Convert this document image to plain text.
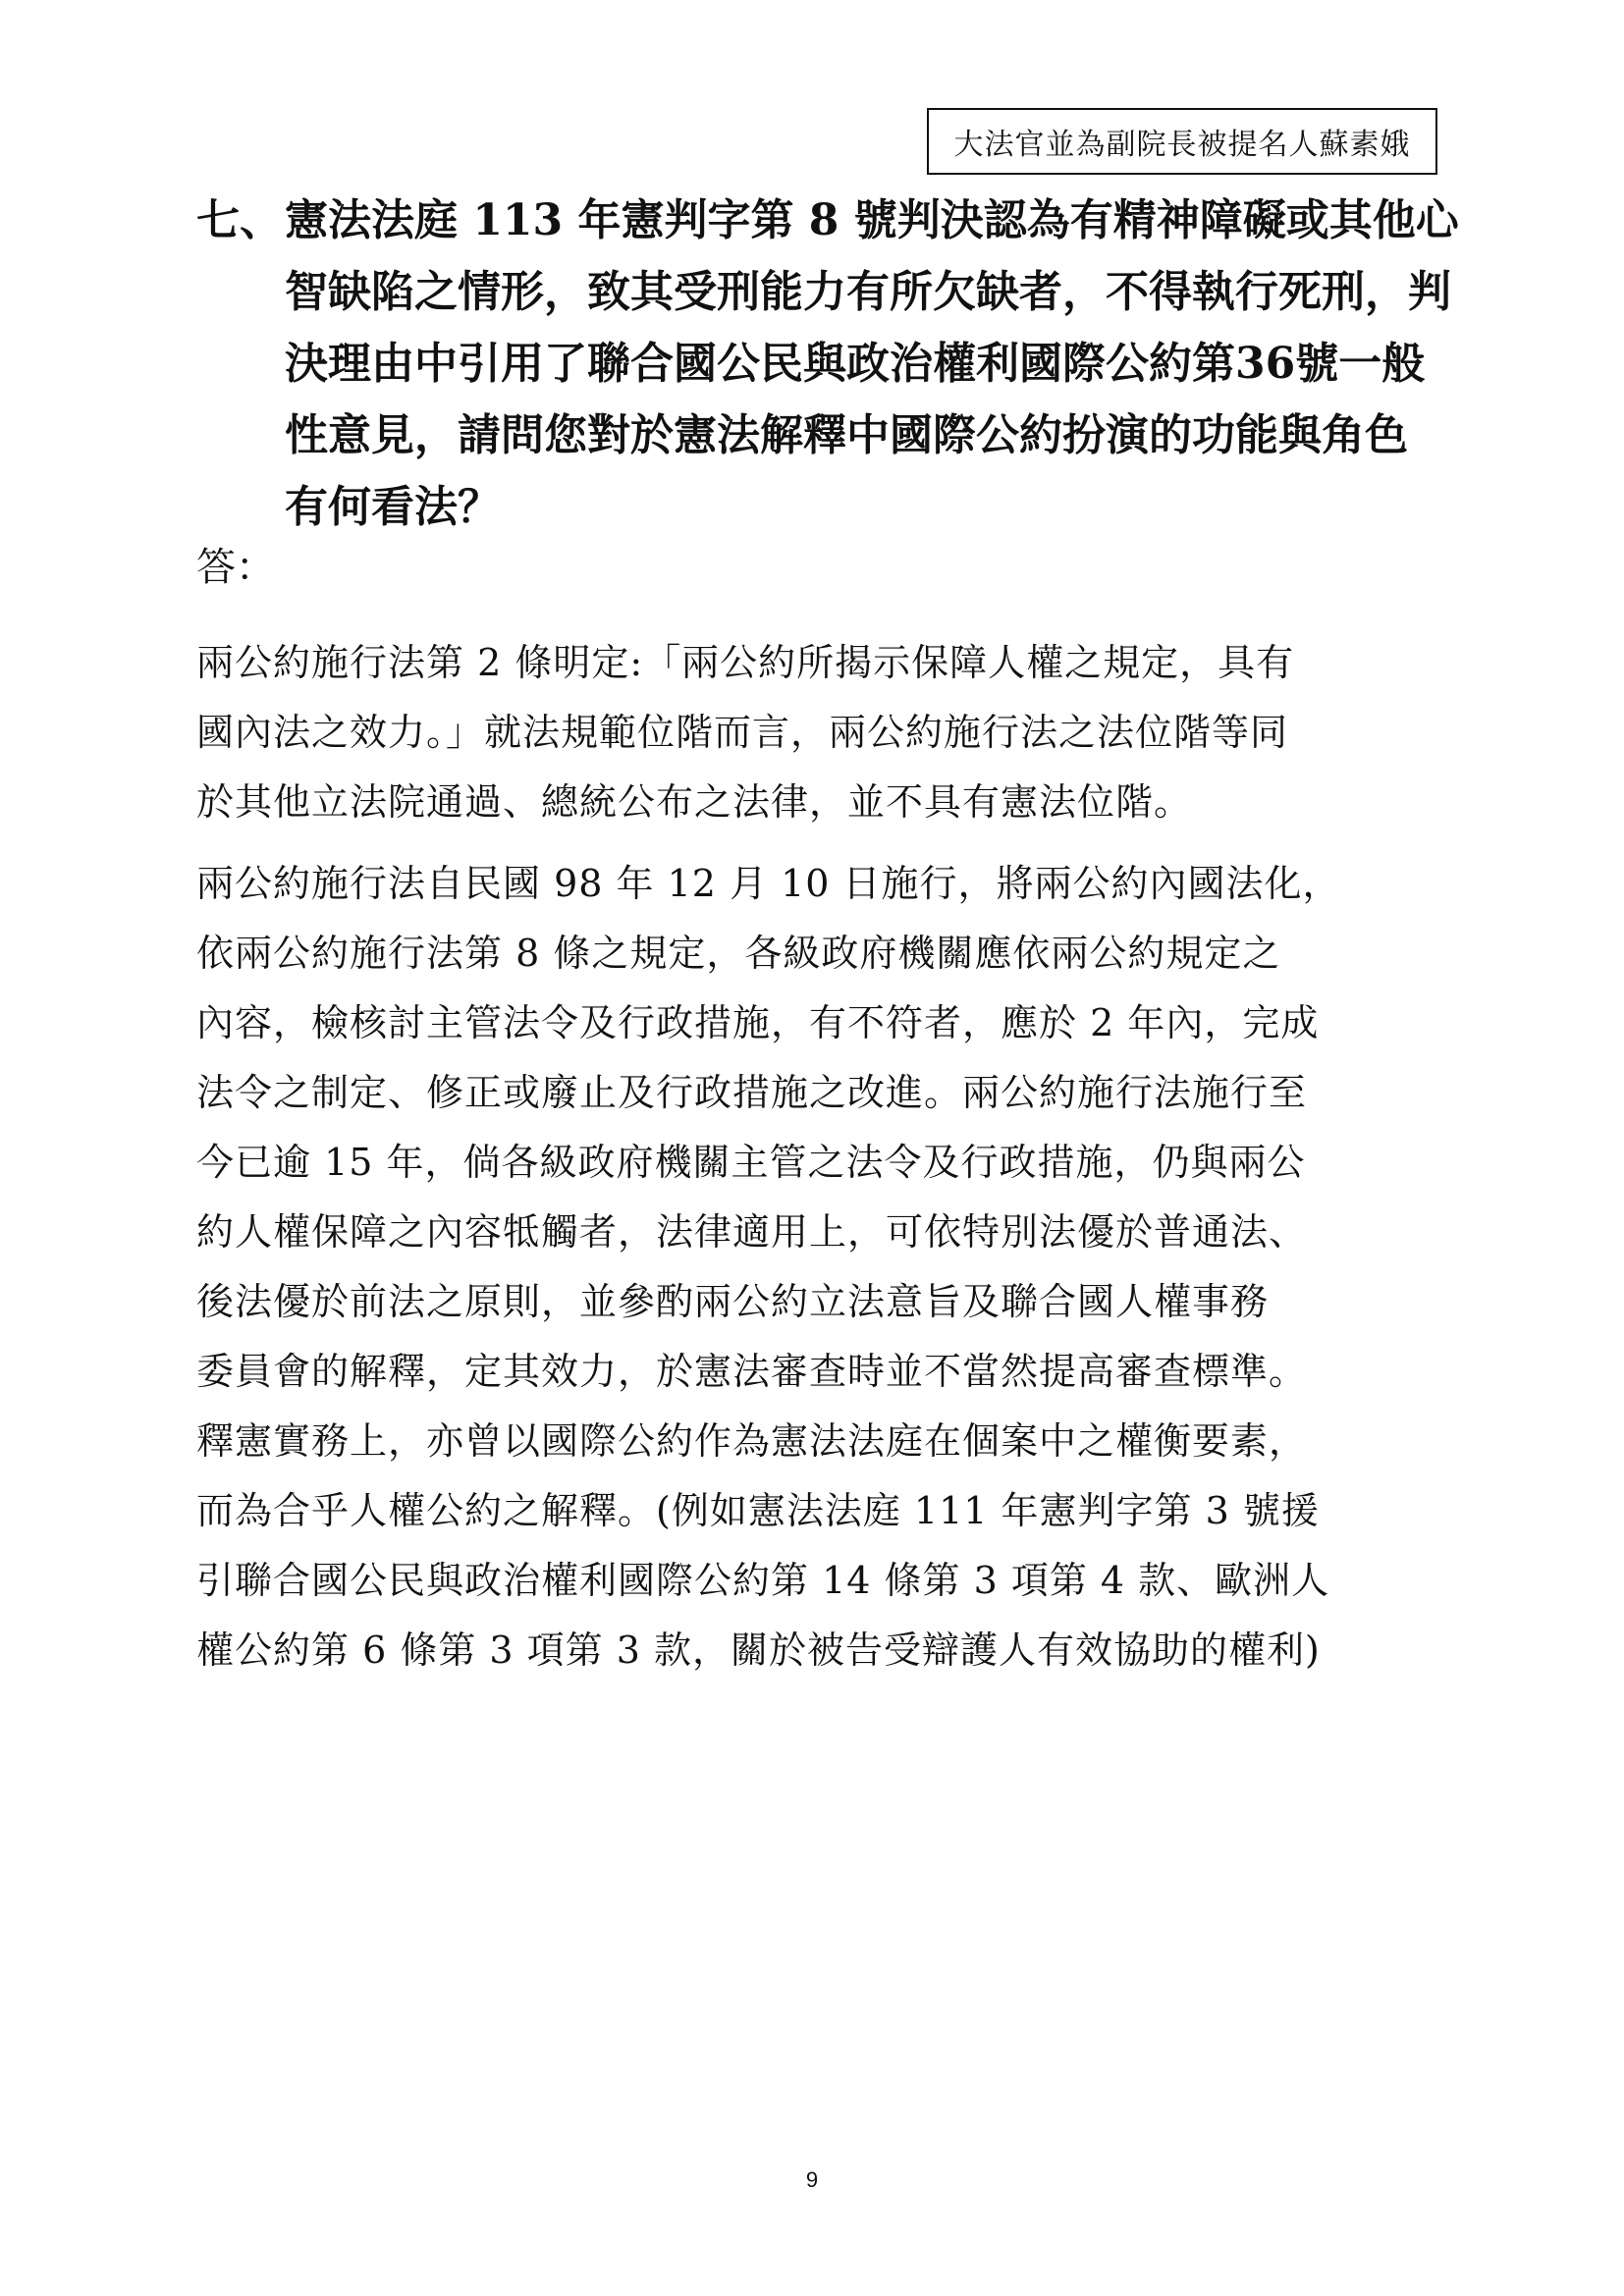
大法官並為副院長被提名人蘇素娥
七、 憲法法庭 113 年憲判字第 8 號判決認為有精神障礙或其他心
智缺陷之情形，致其受刑能力有所欠缺者，不得執行死刑，判
決理由中引用了聯合國公民與政治權利國際公約第36號一般
性意見，請問您對於憲法解釋中國際公約扮演的功能與角色
有何看法？
答：
兩公約施行法第 2 條明定:「兩公約所揭示保障人權之規定，具有
國內法之效力。」就法規範位階而言，兩公約施行法之法位階等同
於其他立法院通過、總統公布之法律，並不具有憲法位階。
兩公約施行法自民國 98 年 12 月 10 日施行，將兩公約內國法化，
依兩公約施行法第 8 條之規定，各級政府機關應依兩公約規定之
內容，檢核討主管法令及行政措施，有不符者，應於 2 年內，完成
法令之制定、修正或廢止及行政措施之改進。兩公約施行法施行至
今已逾 15 年，倘各級政府機關主管之法令及行政措施，仍與兩公
約人權保障之內容牴觸者，法律適用上，可依特別法優於普通法、
後法優於前法之原則，並參酌兩公約立法意旨及聯合國人權事務
委員會的解釋，定其效力，於憲法審查時並不當然提高審查標準。
釋憲實務上，亦曾以國際公約作為憲法法庭在個案中之權衡要素，
而為合乎人權公約之解釋。(例如憲法法庭 111 年憲判字第 3 號援
引聯合國公民與政治權利國際公約第 14 條第 3 項第 4 款、歐洲人
權公約第 6 條第 3 項第 3 款，關於被告受辯護人有效協助的權利)
9
